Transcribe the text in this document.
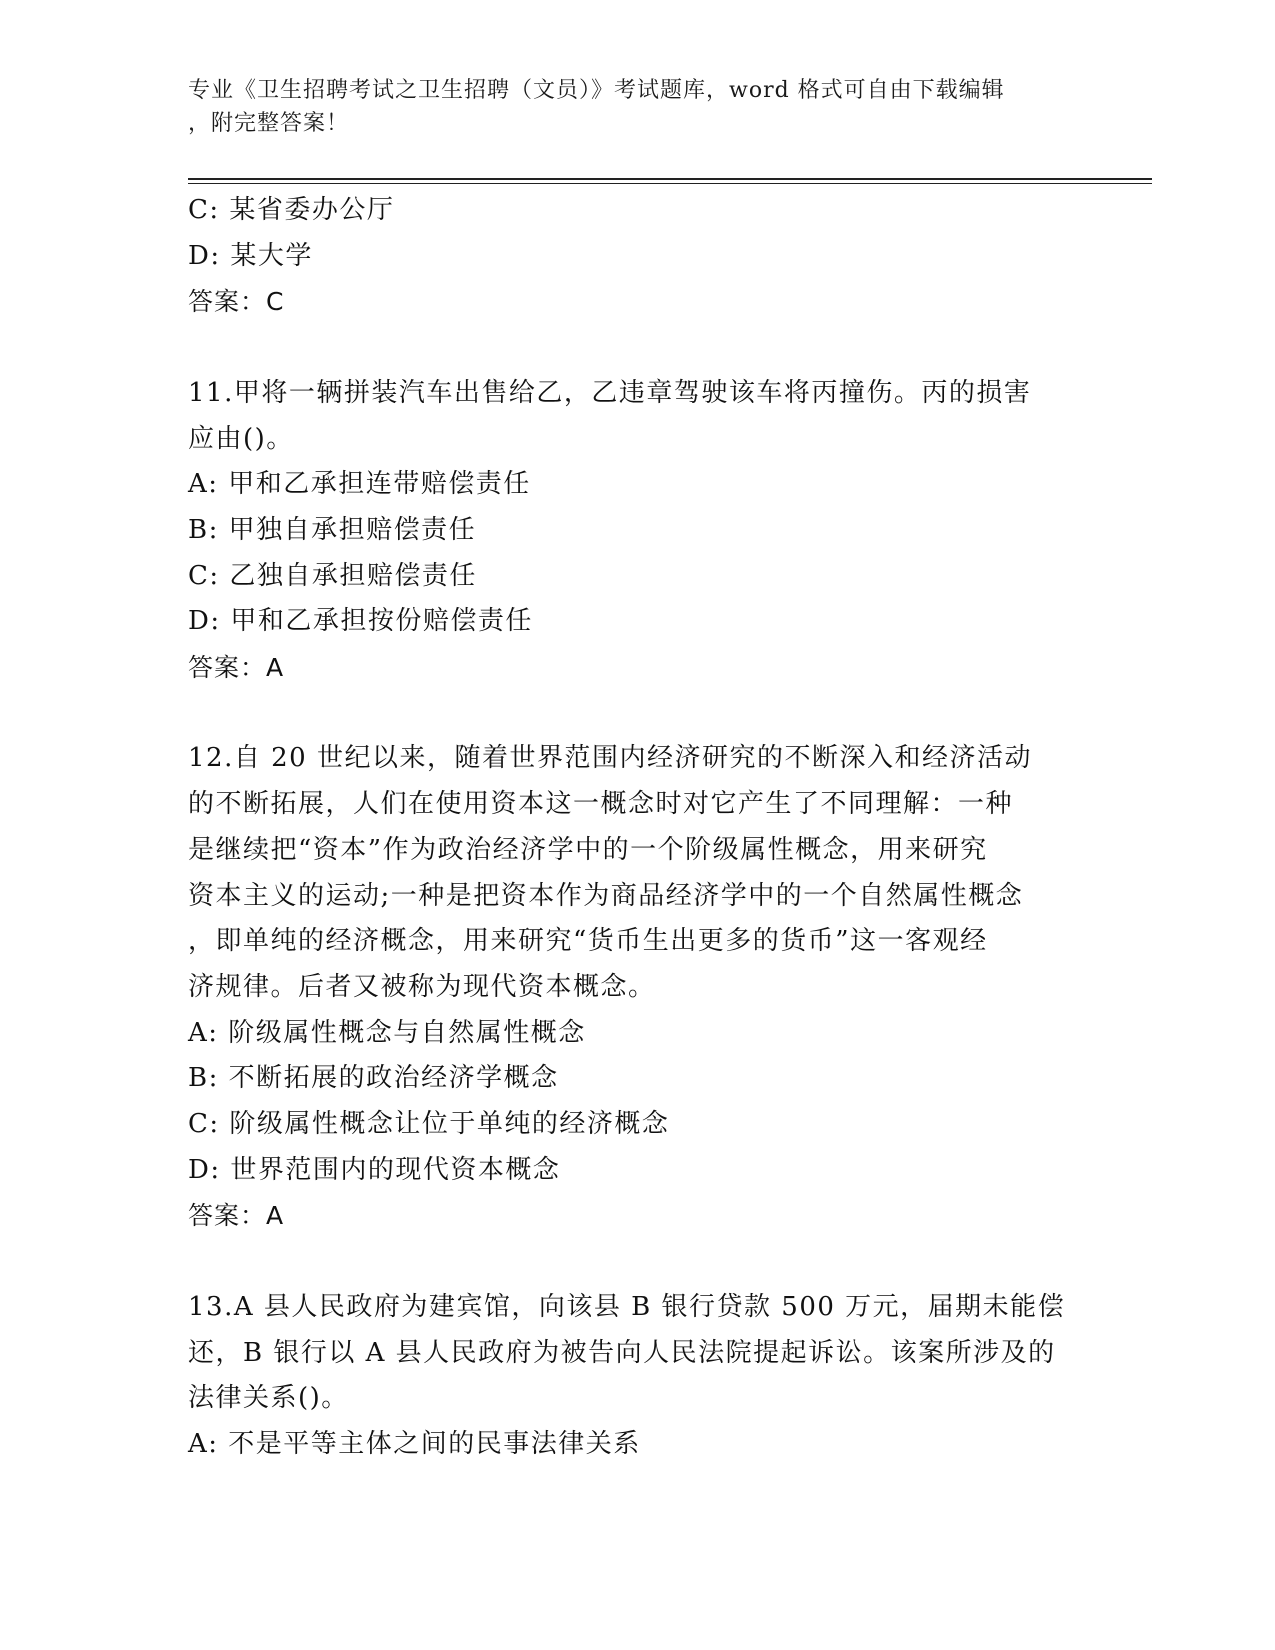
专业《卫生招聘考试之卫生招聘（文员）》考试题库，word 格式可自由下载编辑
，附完整答案！
C: 某省委办公厅
D: 某大学
答案：C
11.甲将一辆拼装汽车出售给乙，乙违章驾驶该车将丙撞伤。丙的损害
应由()。
A: 甲和乙承担连带赔偿责任
B: 甲独自承担赔偿责任
C: 乙独自承担赔偿责任
D: 甲和乙承担按份赔偿责任
答案：A
12.自 20 世纪以来，随着世界范围内经济研究的不断深入和经济活动
的不断拓展，人们在使用资本这一概念时对它产生了不同理解：一种
是继续把“资本”作为政治经济学中的一个阶级属性概念，用来研究
资本主义的运动;一种是把资本作为商品经济学中的一个自然属性概念
，即单纯的经济概念，用来研究“货币生出更多的货币”这一客观经
济规律。后者又被称为现代资本概念。
A: 阶级属性概念与自然属性概念
B: 不断拓展的政治经济学概念
C: 阶级属性概念让位于单纯的经济概念
D: 世界范围内的现代资本概念
答案：A
13.A 县人民政府为建宾馆，向该县 B 银行贷款 500 万元，届期未能偿
还，B 银行以 A 县人民政府为被告向人民法院提起诉讼。该案所涉及的
法律关系()。
A: 不是平等主体之间的民事法律关系
